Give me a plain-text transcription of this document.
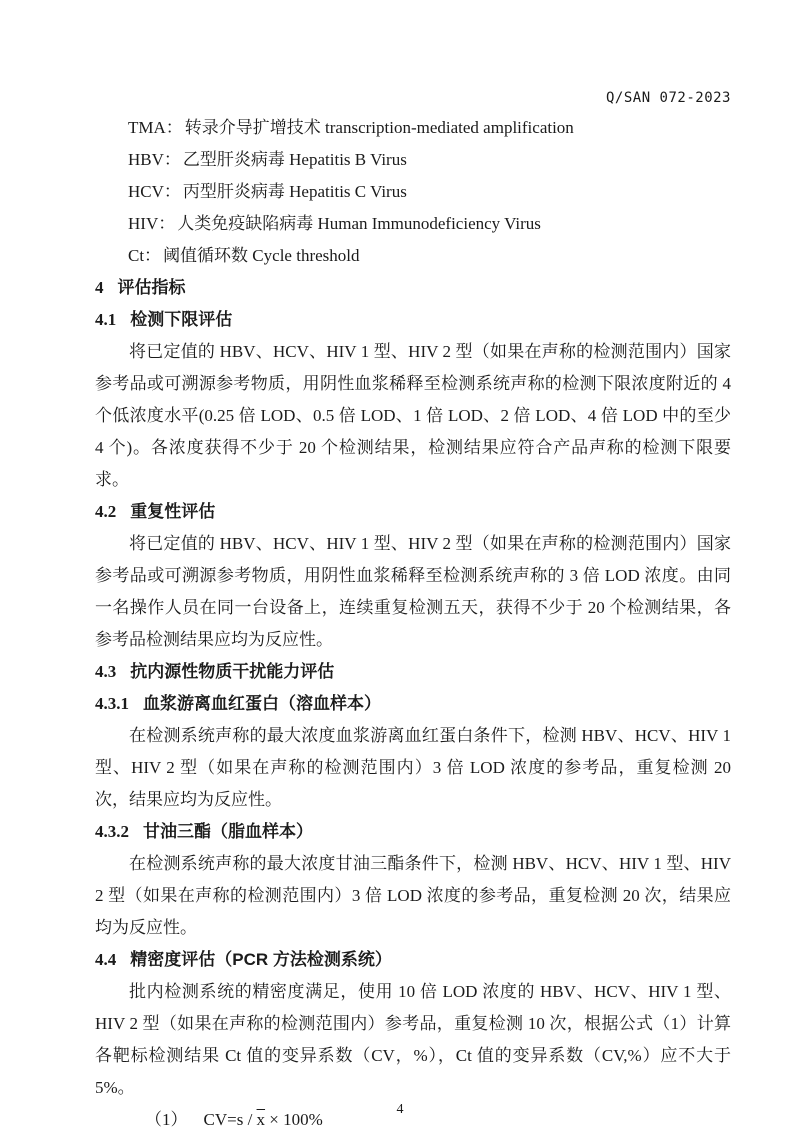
Q/SAN 072-2023

TMA： 转录介导扩增技术 transcription-mediated amplification

HBV： 乙型肝炎病毒 Hepatitis B Virus

HCV： 丙型肝炎病毒 Hepatitis C Virus

HIV： 人类免疫缺陷病毒 Human Immunodeficiency Virus

Ct： 阈值循环数 Cycle threshold

4 评估指标
4.1 检测下限评估

将已定值的 HBV、HCV、HIV 1 型、HIV 2 型（如果在声称的检测范围内）国家参考品或可溯源参考物质，用阴性血浆稀释至检测系统声称的检测下限浓度附近的 4 个低浓度水平(0.25 倍 LOD、0.5 倍 LOD、1 倍 LOD、2 倍 LOD、4 倍 LOD 中的至少 4 个)。各浓度获得不少于 20 个检测结果，检测结果应符合产品声称的检测下限要求。

4.2 重复性评估

将已定值的 HBV、HCV、HIV 1 型、HIV 2 型（如果在声称的检测范围内）国家参考品或可溯源参考物质，用阴性血浆稀释至检测系统声称的 3 倍 LOD 浓度。由同一名操作人员在同一台设备上，连续重复检测五天，获得不少于 20 个检测结果，各参考品检测结果应均为反应性。

4.3 抗内源性物质干扰能力评估
4.3.1 血浆游离血红蛋白（溶血样本）

在检测系统声称的最大浓度血浆游离血红蛋白条件下，检测 HBV、HCV、HIV 1 型、HIV 2 型（如果在声称的检测范围内）3 倍 LOD 浓度的参考品，重复检测 20 次，结果应均为反应性。

4.3.2 甘油三酯（脂血样本）

在检测系统声称的最大浓度甘油三酯条件下，检测 HBV、HCV、HIV 1 型、HIV 2 型（如果在声称的检测范围内）3 倍 LOD 浓度的参考品，重复检测 20 次，结果应均为反应性。

4.4 精密度评估（PCR 方法检测系统）

批内检测系统的精密度满足，使用 10 倍 LOD 浓度的 HBV、HCV、HIV 1 型、HIV 2 型（如果在声称的检测范围内）参考品，重复检测 10 次，根据公式（1）计算各靶标检测结果 Ct 值的变异系数（CV，%），Ct 值的变异系数（CV,%）应不大于 5%。

（1） $CV=s / \overline{x} \times 100\%$

4
